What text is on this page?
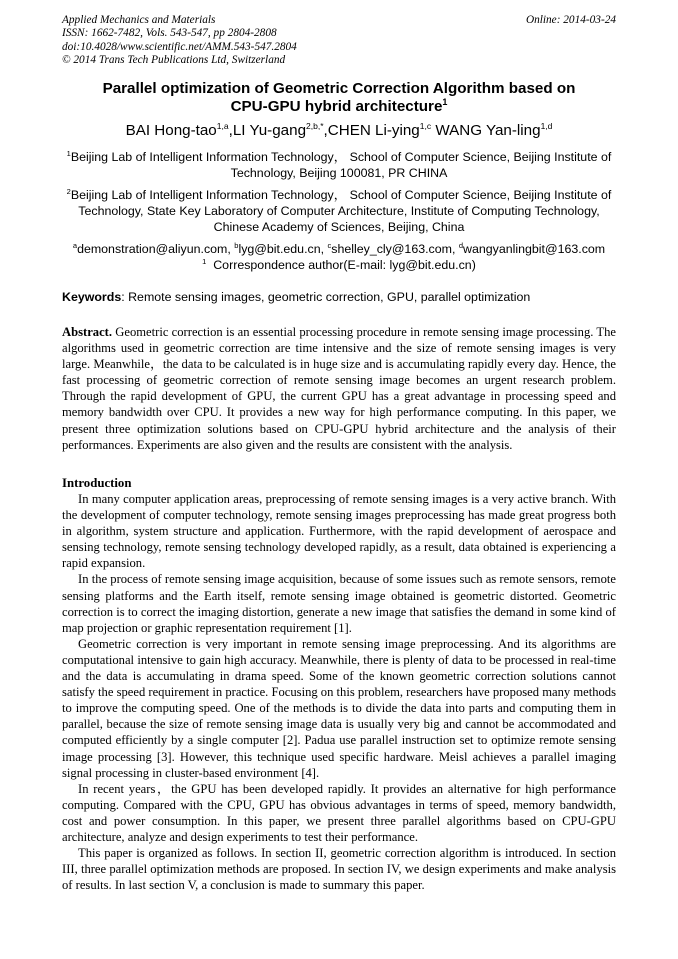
Applied Mechanics and Materials
ISSN: 1662-7482, Vols. 543-547, pp 2804-2808
doi:10.4028/www.scientific.net/AMM.543-547.2804
© 2014 Trans Tech Publications Ltd, Switzerland
Online: 2014-03-24
Parallel optimization of Geometric Correction Algorithm based on
CPU-GPU hybrid architecture$^1$
BAI Hong-tao$^{1,a}$,LI Yu-gang$^{2,b,*}$,CHEN Li-ying$^{1,c}$ WANG Yan-ling$^{1,d}$
$^1$Beijing Lab of Intelligent Information Technology， School of Computer Science, Beijing Institute of
Technology, Beijing 100081, PR CHINA
$^2$Beijing Lab of Intelligent Information Technology， School of Computer Science, Beijing Institute of
Technology, State Key Laboratory of Computer Architecture, Institute of Computing Technology,
Chinese Academy of Sciences, Beijing, China
$^a$demonstration@aliyun.com, $^b$lyg@bit.edu.cn, $^c$shelley_cly@163.com, $^d$wangyanlingbit@163.com
$^1$ Correspondence author(E-mail: lyg@bit.edu.cn)
Keywords: Remote sensing images, geometric correction, GPU, parallel optimization
Abstract. Geometric correction is an essential processing procedure in remote sensing image processing. The algorithms used in geometric correction are time intensive and the size of remote sensing images is very large. Meanwhile，the data to be calculated is in huge size and is accumulating rapidly every day. Hence, the fast processing of geometric correction of remote sensing image becomes an urgent research problem. Through the rapid development of GPU, the current GPU has a great advantage in processing speed and memory bandwidth over CPU. It provides a new way for high performance computing. In this paper, we present three optimization solutions based on CPU-GPU hybrid architecture and the analysis of their performances. Experiments are also given and the results are consistent with the analysis.
Introduction

In many computer application areas, preprocessing of remote sensing images is a very active branch. With the development of computer technology, remote sensing images preprocessing has made great progress both in algorithm, system structure and application. Furthermore, with the rapid development of aerospace and sensing technology, remote sensing technology developed rapidly, as a result, data obtained is experiencing a rapid expansion.

In the process of remote sensing image acquisition, because of some issues such as remote sensors, remote sensing platforms and the Earth itself, remote sensing image obtained is geometric distorted. Geometric correction is to correct the imaging distortion, generate a new image that satisfies the demand in some kind of map projection or graphic representation requirement [1].

Geometric correction is very important in remote sensing image preprocessing. And its algorithms are computational intensive to gain high accuracy. Meanwhile, there is plenty of data to be processed in real-time and the data is accumulating in drama speed. Some of the known geometric correction solutions cannot satisfy the speed requirement in practice. Focusing on this problem, researchers have proposed many methods to improve the computing speed. One of the methods is to divide the data into parts and computing them in parallel, because the size of remote sensing image data is usually very big and cannot be accommodated and computed efficiently by a single computer [2]. Padua use parallel instruction set to optimize remote sensing image processing [3]. However, this technique used specific hardware. Meisl achieves a parallel imaging signal processing in cluster-based environment [4].

In recent years，the GPU has been developed rapidly. It provides an alternative for high performance computing. Compared with the CPU, GPU has obvious advantages in terms of speed, memory bandwidth, cost and power consumption. In this paper, we present three parallel algorithms based on CPU-GPU architecture, analyze and design experiments to test their performance.

This paper is organized as follows. In section II, geometric correction algorithm is introduced. In section III, three parallel optimization methods are proposed. In section IV, we design experiments and make analysis of results. In last section V, a conclusion is made to summary this paper.
